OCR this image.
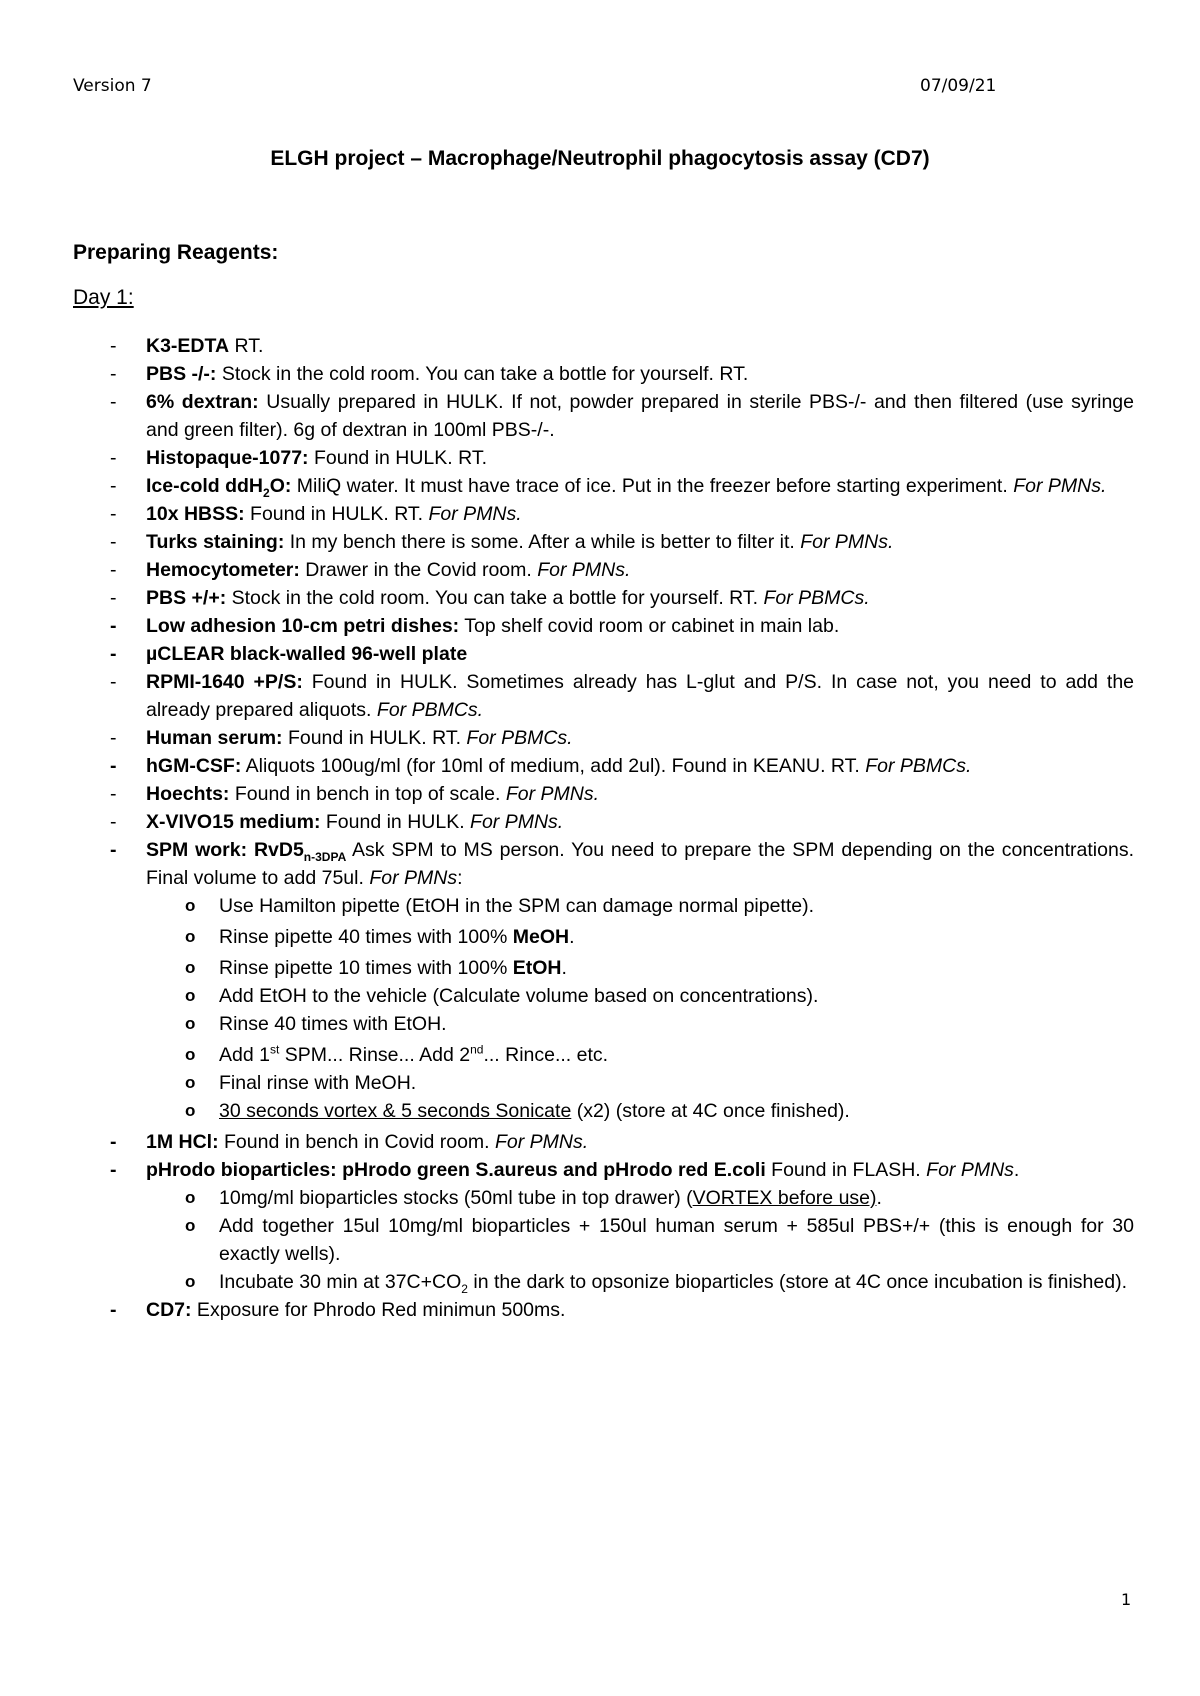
Version 7	07/09/21
ELGH project – Macrophage/Neutrophil phagocytosis assay (CD7)
Preparing Reagents:
Day 1:
- K3-EDTA RT.
- PBS -/-: Stock in the cold room. You can take a bottle for yourself. RT.
- 6% dextran: Usually prepared in HULK. If not, powder prepared in sterile PBS-/- and then filtered (use syringe and green filter). 6g of dextran in 100ml PBS-/-.
- Histopaque-1077: Found in HULK. RT.
- Ice-cold ddH$_2$O: MiliQ water. It must have trace of ice. Put in the freezer before starting experiment. For PMNs.
- 10x HBSS: Found in HULK. RT. For PMNs.
- Turks staining: In my bench there is some. After a while is better to filter it. For PMNs.
- Hemocytometer: Drawer in the Covid room. For PMNs.
- PBS +/+: Stock in the cold room. You can take a bottle for yourself. RT. For PBMCs.
- Low adhesion 10-cm petri dishes: Top shelf covid room or cabinet in main lab.
- µCLEAR black-walled 96-well plate
- RPMI-1640 +P/S: Found in HULK. Sometimes already has L-glut and P/S. In case not, you need to add the already prepared aliquots. For PBMCs.
- Human serum: Found in HULK. RT. For PBMCs.
- hGM-CSF: Aliquots 100ug/ml (for 10ml of medium, add 2ul). Found in KEANU. RT. For PBMCs.
- Hoechts: Found in bench in top of scale. For PMNs.
- X-VIVO15 medium: Found in HULK. For PMNs.
- SPM work: $RvD5_{n-3DPA}$ Ask SPM to MS person. You need to prepare the SPM depending on the concentrations. Final volume to add 75ul. For PMNs:
o Use Hamilton pipette (EtOH in the SPM can damage normal pipette).
o Rinse pipette 40 times with 100% MeOH.
o Rinse pipette 10 times with 100% EtOH.
o Add EtOH to the vehicle (Calculate volume based on concentrations).
o Rinse 40 times with EtOH.
o Add 1st SPM... Rinse... Add 2nd... Rince... etc.
o Final rinse with MeOH.
o 30 seconds vortex & 5 seconds Sonicate (x2) (store at 4C once finished).
- 1M HCl: Found in bench in Covid room. For PMNs.
- pHrodo bioparticles: pHrodo green S.aureus and pHrodo red E.coli Found in FLASH. For PMNs.
o 10mg/ml bioparticles stocks (50ml tube in top drawer) (VORTEX before use).
o Add together 15ul 10mg/ml bioparticles + 150ul human serum + 585ul PBS+/+ (this is enough for 30 exactly wells).
o Incubate 30 min at $37C+CO_2$ in the dark to opsonize bioparticles (store at 4C once incubation is finished).
- CD7: Exposure for Phrodo Red minimun 500ms.
1
